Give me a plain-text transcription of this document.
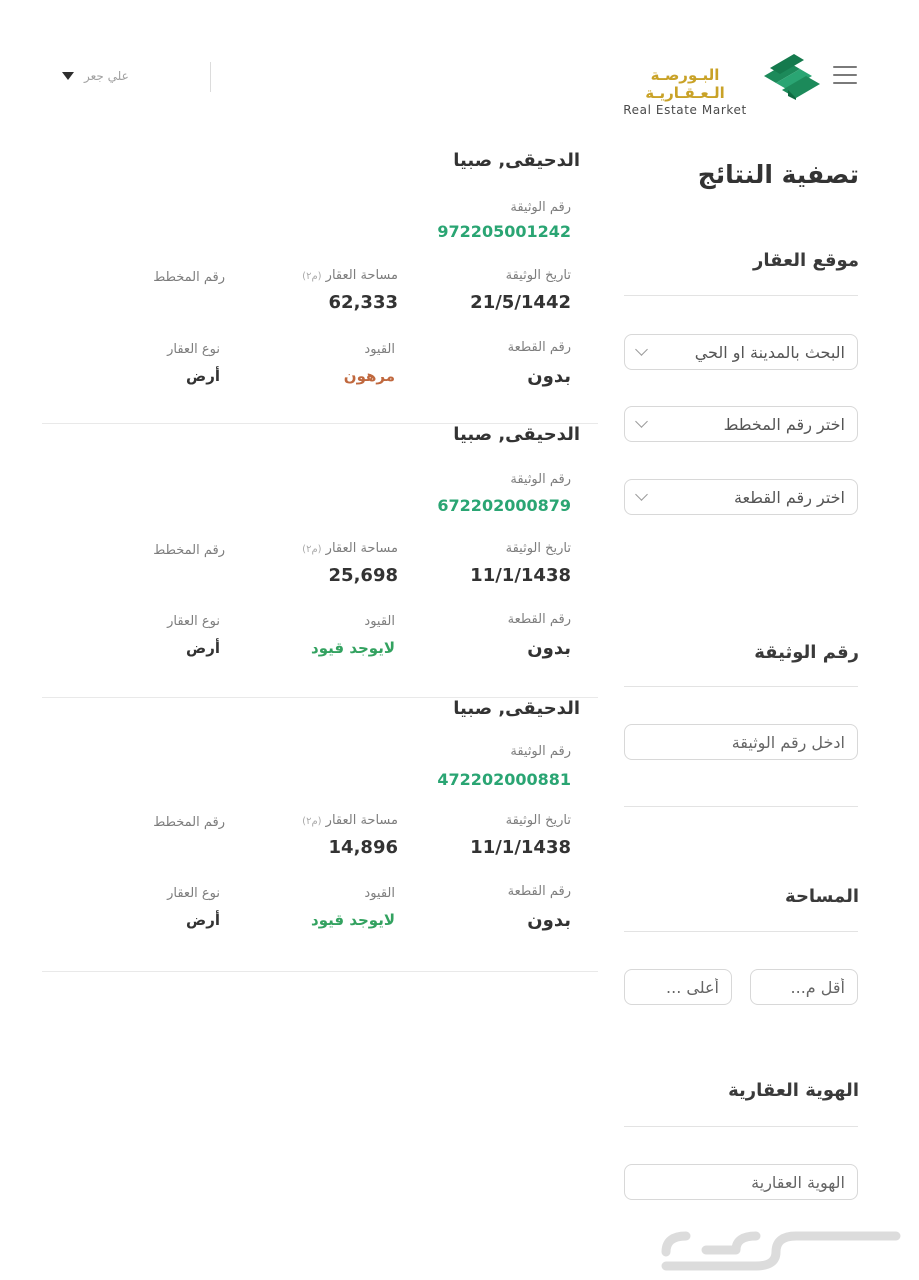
البـورصـة الـعـقـاريـة
Real Estate Market
علي جعر
تصفية النتائج
موقع العقار
البحث بالمدينة او الحي
اختر رقم المخطط
اختر رقم القطعة
رقم الوثيقة
ادخل رقم الوثيقة
المساحة
أقل م...
أعلى ...
الهوية العقارية
الهوية العقارية
الدحيقى, صبيا
رقم الوثيقة
972205001242
تاريخ الوثيقة
21/5/1442
مساحة العقار (م٢)
62,333
رقم المخطط
رقم القطعة
بدون
القيود
مرهون
نوع العقار
أرض
الدحيقى, صبيا
رقم الوثيقة
672202000879
تاريخ الوثيقة
11/1/1438
مساحة العقار (م٢)
25,698
رقم المخطط
رقم القطعة
بدون
القيود
لايوجد قيود
نوع العقار
أرض
الدحيقى, صبيا
رقم الوثيقة
472202000881
تاريخ الوثيقة
11/1/1438
مساحة العقار (م٢)
14,896
رقم المخطط
رقم القطعة
بدون
القيود
لايوجد قيود
نوع العقار
أرض
